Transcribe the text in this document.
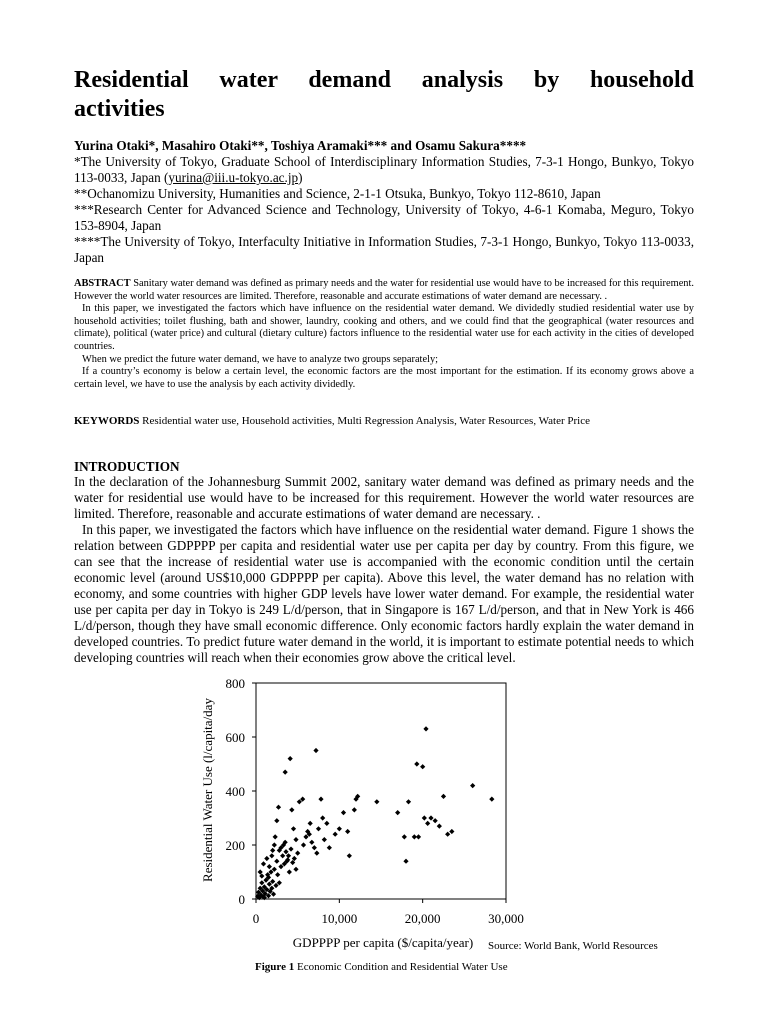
Residential water demand analysis by household
activities
Yurina Otaki*, Masahiro Otaki**, Toshiya Aramaki*** and Osamu Sakura****
*The University of Tokyo, Graduate School of Interdisciplinary Information Studies, 7-3-1 Hongo, Bunkyo, Tokyo 113-0033, Japan (yurina@iii.u-tokyo.ac.jp)
**Ochanomizu University, Humanities and Science, 2-1-1 Otsuka, Bunkyo, Tokyo 112-8610, Japan
***Research Center for Advanced Science and Technology, University of Tokyo, 4-6-1 Komaba, Meguro, Tokyo 153-8904, Japan
****The University of Tokyo, Interfaculty Initiative in Information Studies, 7-3-1 Hongo, Bunkyo, Tokyo 113-0033, Japan
ABSTRACT Sanitary water demand was defined as primary needs and the water for residential use would have to be increased for this requirement. However the world water resources are limited. Therefore, reasonable and accurate estimations of water demand are necessary. .
In this paper, we investigated the factors which have influence on the residential water demand. We dividedly studied residential water use by household activities; toilet flushing, bath and shower, laundry, cooking and others, and we could find that the geographical (water resources and climate), political (water price) and cultural (dietary culture) factors influence to the residential water use for each activity in the cities of developed countries.
When we predict the future water demand, we have to analyze two groups separately;
If a country’s economy is below a certain level, the economic factors are the most important for the estimation. If its economy grows above a certain level, we have to use the analysis by each activity dividedly.
KEYWORDS Residential water use, Household activities, Multi Regression Analysis, Water Resources, Water Price
INTRODUCTION
In the declaration of the Johannesburg Summit 2002, sanitary water demand was defined as primary needs and the water for residential use would have to be increased for this requirement. However the world water resources are limited. Therefore, reasonable and accurate estimations of water demand are necessary. .
In this paper, we investigated the factors which have influence on the residential water demand. Figure 1 shows the relation between GDPPPP per capita and residential water use per capita per day by country. From this figure, we can see that the increase of residential water use is accompanied with the economic condition until the certain economic level (around US$10,000 GDPPPP per capita). Above this level, the water demand has no relation with economy, and some countries with higher GDP levels have lower water demand. For example, the residential water use per capita per day in Tokyo is 249 L/d/person, that in Singapore is 167 L/d/person, and that in New York is 466 L/d/person, though they have small economic difference. Only economic factors hardly explain the water demand in developed countries. To predict future water demand in the world, it is important to estimate potential needs to which developing countries will reach when their economies grow above the critical level.
0
200
400
600
800
0	10,000	20,000	30,000
Residential Water Use (l/capita/day
GDPPPP per capita ($/capita/year) Source: World Bank, World Resources
Figure 1 Economic Condition and Residential Water Use
